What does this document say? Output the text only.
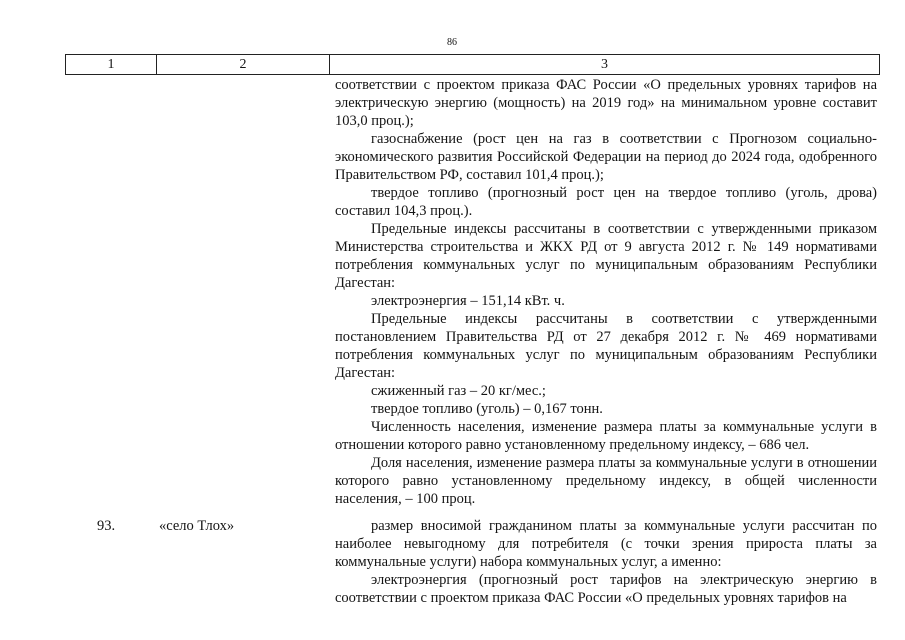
86
1	2	3

соответствии с проектом приказа ФАС России «О предельных уровнях тарифов на электрическую энергию (мощность) на 2019 год» на минимальном уровне составит 103,0 проц.);

газоснабжение (рост цен на газ в соответствии с Прогнозом социально-экономического развития Российской Федерации на период до 2024 года, одобренного Правительством РФ, составил 101,4 проц.);

твердое топливо (прогнозный рост цен на твердое топливо (уголь, дрова) составил 104,3 проц.).

Предельные индексы рассчитаны в соответствии с утвержденными приказом Министерства строительства и ЖКХ РД от 9 августа 2012 г. № 149 нормативами потребления коммунальных услуг по муниципальным образованиям Республики Дагестан:

электроэнергия – 151,14 кВт. ч.

Предельные индексы рассчитаны в соответствии с утвержденными постановлением Правительства РД от 27 декабря 2012 г. № 469 нормативами потребления коммунальных услуг по муниципальным образованиям Республики Дагестан:

сжиженный газ – 20 кг/мес.;

твердое топливо (уголь) – 0,167 тонн.

Численность населения, изменение размера платы за коммунальные услуги в отношении которого равно установленному предельному индексу, – 686 чел.

Доля населения, изменение размера платы за коммунальные услуги в отношении которого равно установленному предельному индексу, в общей численности населения, – 100 проц.

93.	«село Тлох»	размер вносимой гражданином платы за коммунальные услуги рассчитан по наиболее невыгодному для потребителя (с точки зрения прироста платы за коммунальные услуги) набора коммунальных услуг, а именно:

электроэнергия (прогнозный рост тарифов на электрическую энергию в соответствии с проектом приказа ФАС России «О предельных уровнях тарифов на
